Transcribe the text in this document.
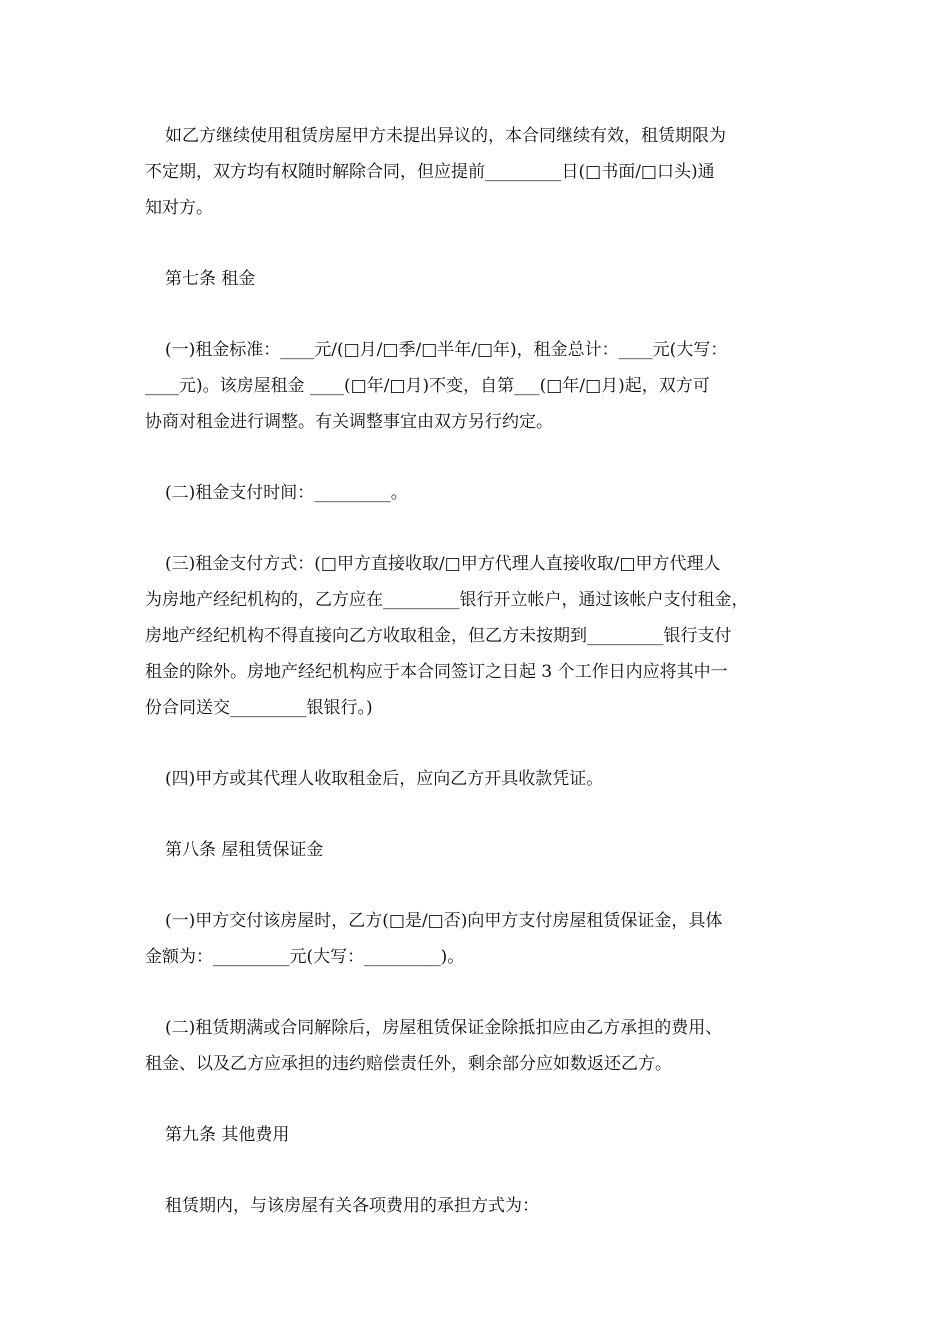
如乙方继续使用租赁房屋甲方未提出异议的，本合同继续有效，租赁期限为
不定期，双方均有权随时解除合同，但应提前_________日(□书面/□口头)通
知对方。
第七条 租金
(一)租金标准：____元/(□月/□季/□半年/□年)，租金总计：____元(大写：
____元)。该房屋租金 ____(□年/□月)不变，自第___(□年/□月)起，双方可
协商对租金进行调整。有关调整事宜由双方另行约定。
(二)租金支付时间：_________。
(三)租金支付方式：(□甲方直接收取/□甲方代理人直接收取/□甲方代理人
为房地产经纪机构的，乙方应在_________银行开立帐户，通过该帐户支付租金，
房地产经纪机构不得直接向乙方收取租金，但乙方未按期到_________银行支付
租金的除外。房地产经纪机构应于本合同签订之日起 3 个工作日内应将其中一
份合同送交_________银银行。)
(四)甲方或其代理人收取租金后，应向乙方开具收款凭证。
第八条 屋租赁保证金
(一)甲方交付该房屋时，乙方(□是/□否)向甲方支付房屋租赁保证金，具体
金额为：_________元(大写：_________)。
(二)租赁期满或合同解除后，房屋租赁保证金除抵扣应由乙方承担的费用、
租金、以及乙方应承担的违约赔偿责任外，剩余部分应如数返还乙方。
第九条 其他费用
租赁期内，与该房屋有关各项费用的承担方式为：
